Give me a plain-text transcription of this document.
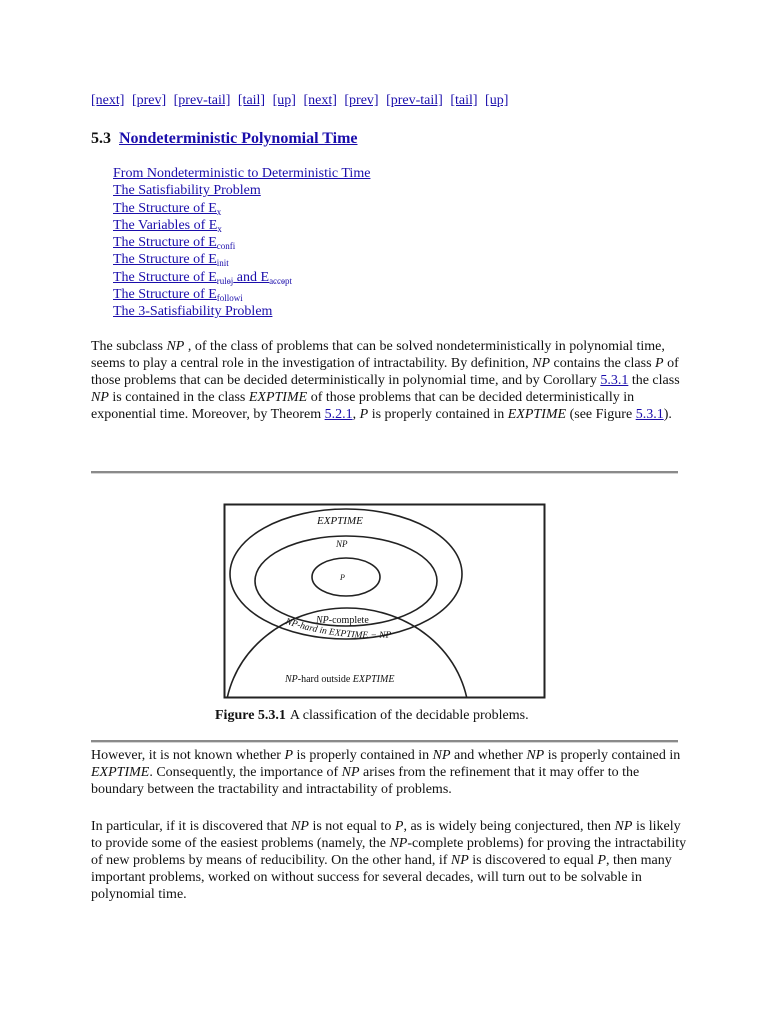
[next] [prev] [prev-tail] [tail] [up] [next] [prev] [prev-tail] [tail] [up]
5.3 Nondeterministic Polynomial Time
From Nondeterministic to Deterministic Time
The Satisfiability Problem
The Structure of $E_x$
The Variables of $E_x$
The Structure of $E_{confi}$
The Structure of $E_{init}$
The Structure of $E_{rulej}$ and $E_{accept}$
The Structure of $E_{followi}$
The 3-Satisfiability Problem

The subclass NP , of the class of problems that can be solved nondeterministically in polynomial time, seems to play a central role in the investigation of intractability. By definition, NP contains the class P of those problems that can be decided deterministically in polynomial time, and by Corollary 5.3.1 the class NP is contained in the class EXPTIME of those problems that can be decided deterministically in exponential time. Moreover, by Theorem 5.2.1, P is properly contained in EXPTIME (see Figure 5.3.1).

EXPTIME
NP
P
NP-complete
NP-hard in EXPTIME − NP
NP-hard outside EXPTIME
Figure 5.3.1 A classification of the decidable problems.

However, it is not known whether P is properly contained in NP and whether NP is properly contained in EXPTIME. Consequently, the importance of NP arises from the refinement that it may offer to the boundary between the tractability and intractability of problems.

In particular, if it is discovered that NP is not equal to P, as is widely being conjectured, then NP is likely to provide some of the easiest problems (namely, the NP-complete problems) for proving the intractability of new problems by means of reducibility. On the other hand, if NP is discovered to equal P, then many important problems, worked on without success for several decades, will turn out to be solvable in polynomial time.
